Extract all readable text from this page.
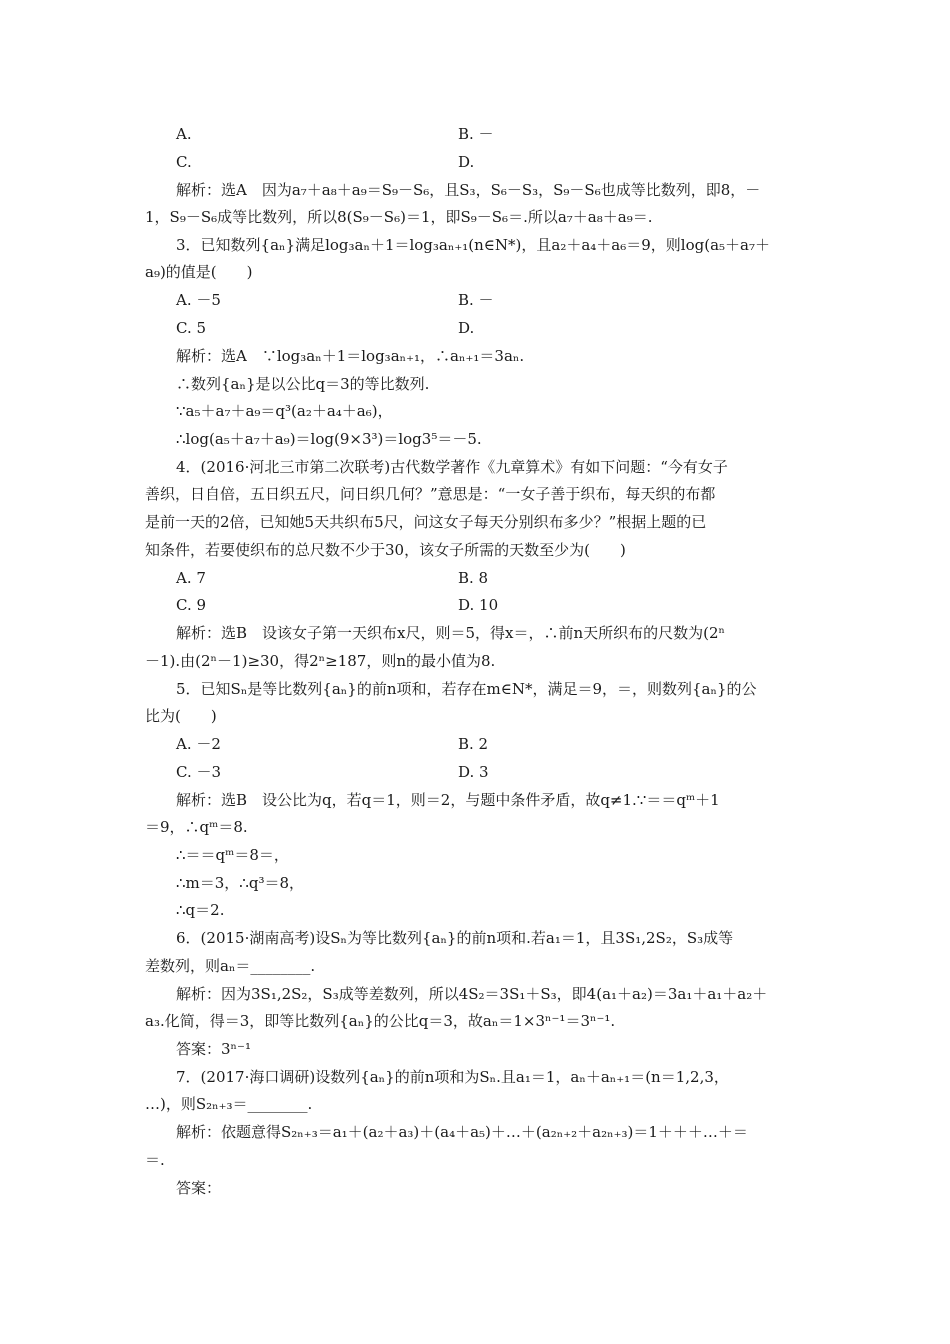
A.	B. －
C.	D.
解析：选A　因为a₇＋a₈＋a₉＝S₉－S₆，且S₃，S₆－S₃，S₉－S₆也成等比数列，即8，－
1，S₉－S₆成等比数列，所以8(S₉－S₆)＝1，即S₉－S₆＝.所以a₇＋a₈＋a₉＝.
3．已知数列{aₙ}满足log₃aₙ＋1＝log₃aₙ₊₁(n∈N*)，且a₂＋a₄＋a₆＝9，则log(a₅＋a₇＋
a₉)的值是(　　)
A. －5	B. －
C. 5	D.
解析：选A　∵log₃aₙ＋1＝log₃aₙ₊₁，∴aₙ₊₁＝3aₙ.
∴数列{aₙ}是以公比q＝3的等比数列.
∵a₅＋a₇＋a₉＝q³(a₂＋a₄＋a₆)，
∴log(a₅＋a₇＋a₉)＝log(9×3³)＝log3⁵＝－5.
4．(2016·河北三市第二次联考)古代数学著作《九章算术》有如下问题：“今有女子
善织，日自倍，五日织五尺，问日织几何？”意思是：“一女子善于织布，每天织的布都
是前一天的2倍，已知她5天共织布5尺，问这女子每天分别织布多少？”根据上题的已
知条件，若要使织布的总尺数不少于30，该女子所需的天数至少为(　　)
A. 7	B. 8
C. 9	D. 10
解析：选B　设该女子第一天织布x尺，则＝5，得x＝，∴前n天所织布的尺数为(2ⁿ
－1).由(2ⁿ－1)≥30，得2ⁿ≥187，则n的最小值为8.
5．已知Sₙ是等比数列{aₙ}的前n项和，若存在m∈N*，满足＝9，＝，则数列{aₙ}的公
比为(　　)
A. －2	B. 2
C. －3	D. 3
解析：选B　设公比为q，若q＝1，则＝2，与题中条件矛盾，故q≠1.∵＝＝qᵐ＋1
＝9，∴qᵐ＝8.
∴＝＝qᵐ＝8＝，
∴m＝3，∴q³＝8，
∴q＝2.
6．(2015·湖南高考)设Sₙ为等比数列{aₙ}的前n项和.若a₁＝1，且3S₁,2S₂，S₃成等
差数列，则aₙ＝________.
解析：因为3S₁,2S₂，S₃成等差数列，所以4S₂＝3S₁＋S₃，即4(a₁＋a₂)＝3a₁＋a₁＋a₂＋
a₃.化简，得＝3，即等比数列{aₙ}的公比q＝3，故aₙ＝1×3ⁿ⁻¹＝3ⁿ⁻¹.
答案：3ⁿ⁻¹
7．(2017·海口调研)设数列{aₙ}的前n项和为Sₙ.且a₁＝1，aₙ＋aₙ₊₁＝(n＝1,2,3，
…)，则S₂ₙ₊₃＝________.
解析：依题意得S₂ₙ₊₃＝a₁＋(a₂＋a₃)＋(a₄＋a₅)＋…＋(a₂ₙ₊₂＋a₂ₙ₊₃)＝1＋＋＋…＋＝
＝.
答案：
